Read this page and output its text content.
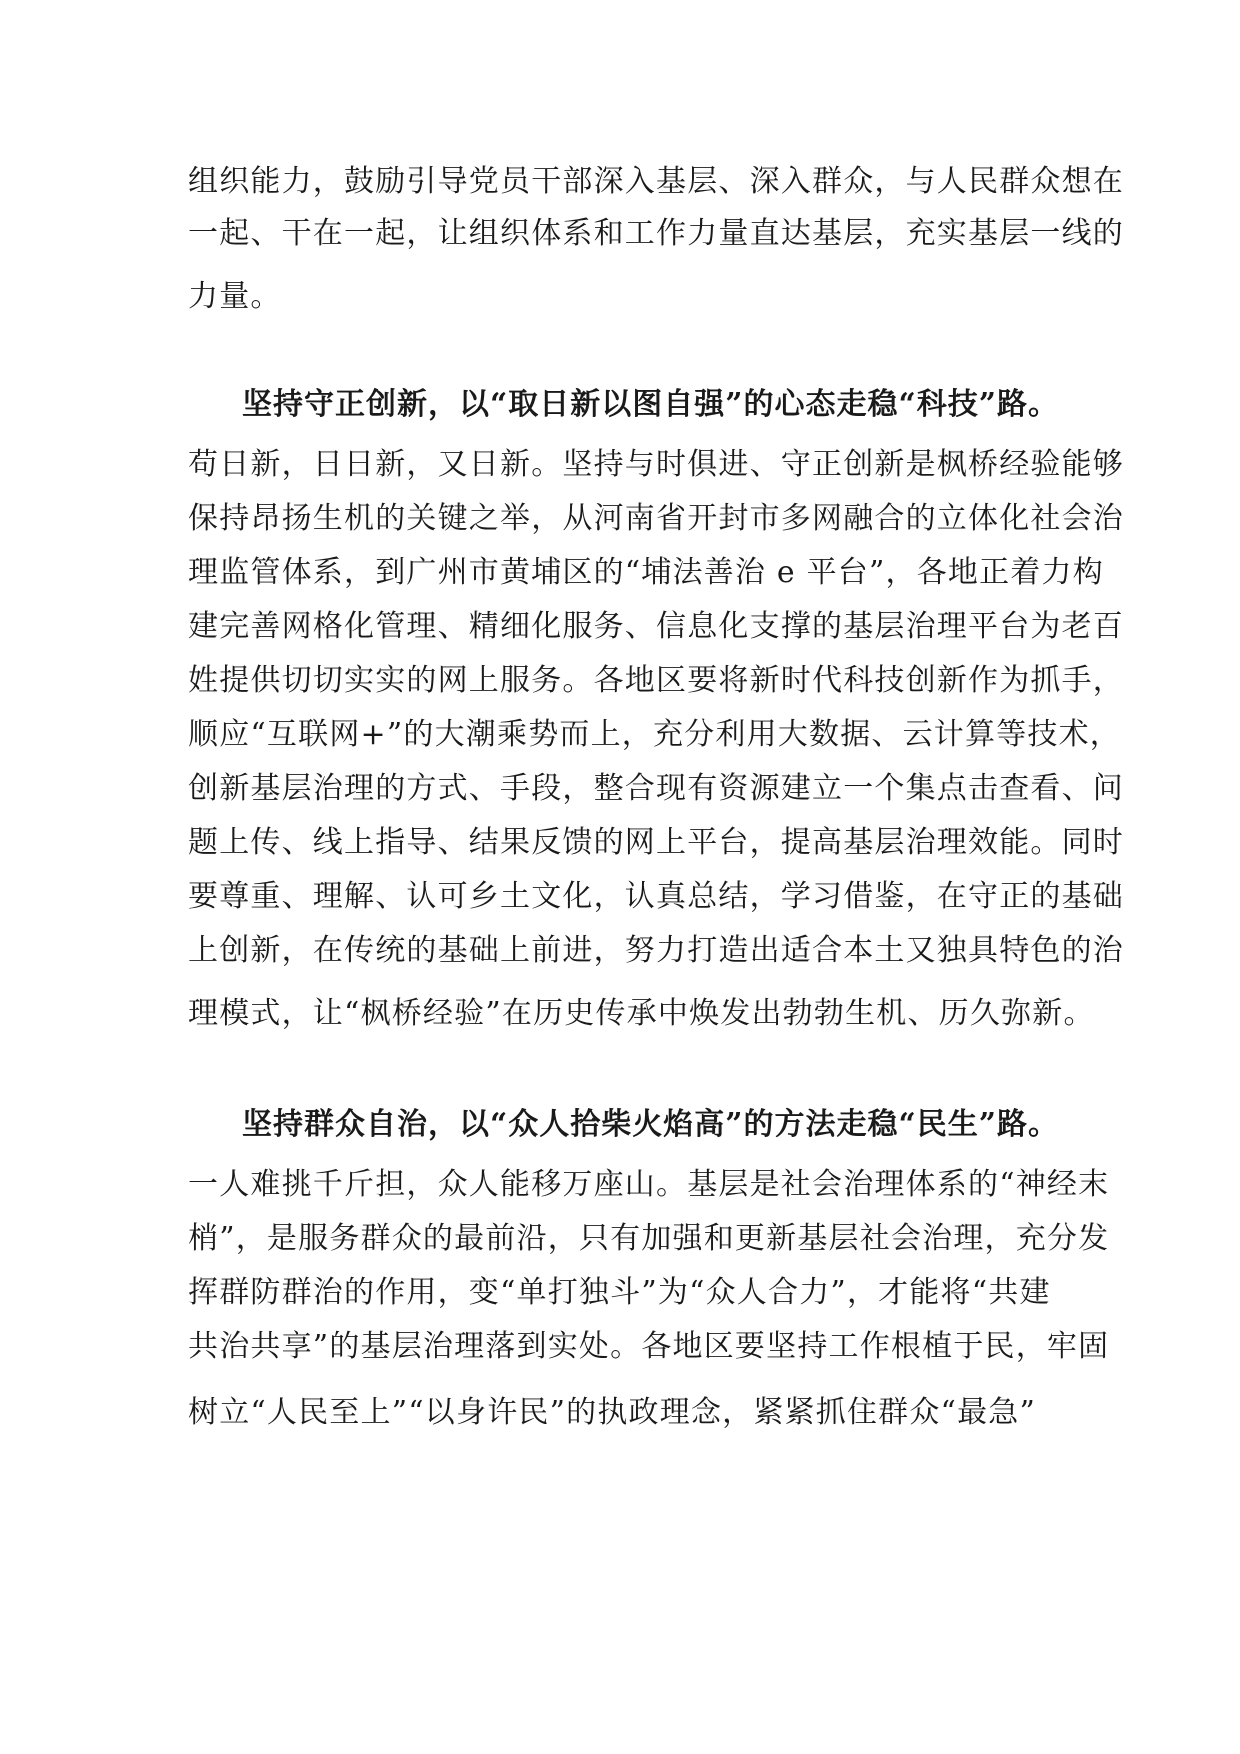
组织能力，鼓励引导党员干部深入基层、深入群众，与人民群众想在
一起、干在一起，让组织体系和工作力量直达基层，充实基层一线的
力量。
坚持守正创新，以“取日新以图自强”的心态走稳“科技”路。
苟日新，日日新，又日新。坚持与时俱进、守正创新是枫桥经验能够
保持昂扬生机的关键之举，从河南省开封市多网融合的立体化社会治
理监管体系，到广州市黄埔区的“埔法善治 e 平台”，各地正着力构
建完善网格化管理、精细化服务、信息化支撑的基层治理平台为老百
姓提供切切实实的网上服务。各地区要将新时代科技创新作为抓手，
顺应“互联网+”的大潮乘势而上，充分利用大数据、云计算等技术，
创新基层治理的方式、手段，整合现有资源建立一个集点击查看、问
题上传、线上指导、结果反馈的网上平台，提高基层治理效能。同时
要尊重、理解、认可乡土文化，认真总结，学习借鉴，在守正的基础
上创新，在传统的基础上前进，努力打造出适合本土又独具特色的治
理模式，让“枫桥经验”在历史传承中焕发出勃勃生机、历久弥新。
坚持群众自治，以“众人拾柴火焰高”的方法走稳“民生”路。
一人难挑千斤担，众人能移万座山。基层是社会治理体系的“神经末
梢”，是服务群众的最前沿，只有加强和更新基层社会治理，充分发
挥群防群治的作用，变“单打独斗”为“众人合力”，才能将“共建
共治共享”的基层治理落到实处。各地区要坚持工作根植于民，牢固
树立“人民至上”“以身许民”的执政理念，紧紧抓住群众“最急”
